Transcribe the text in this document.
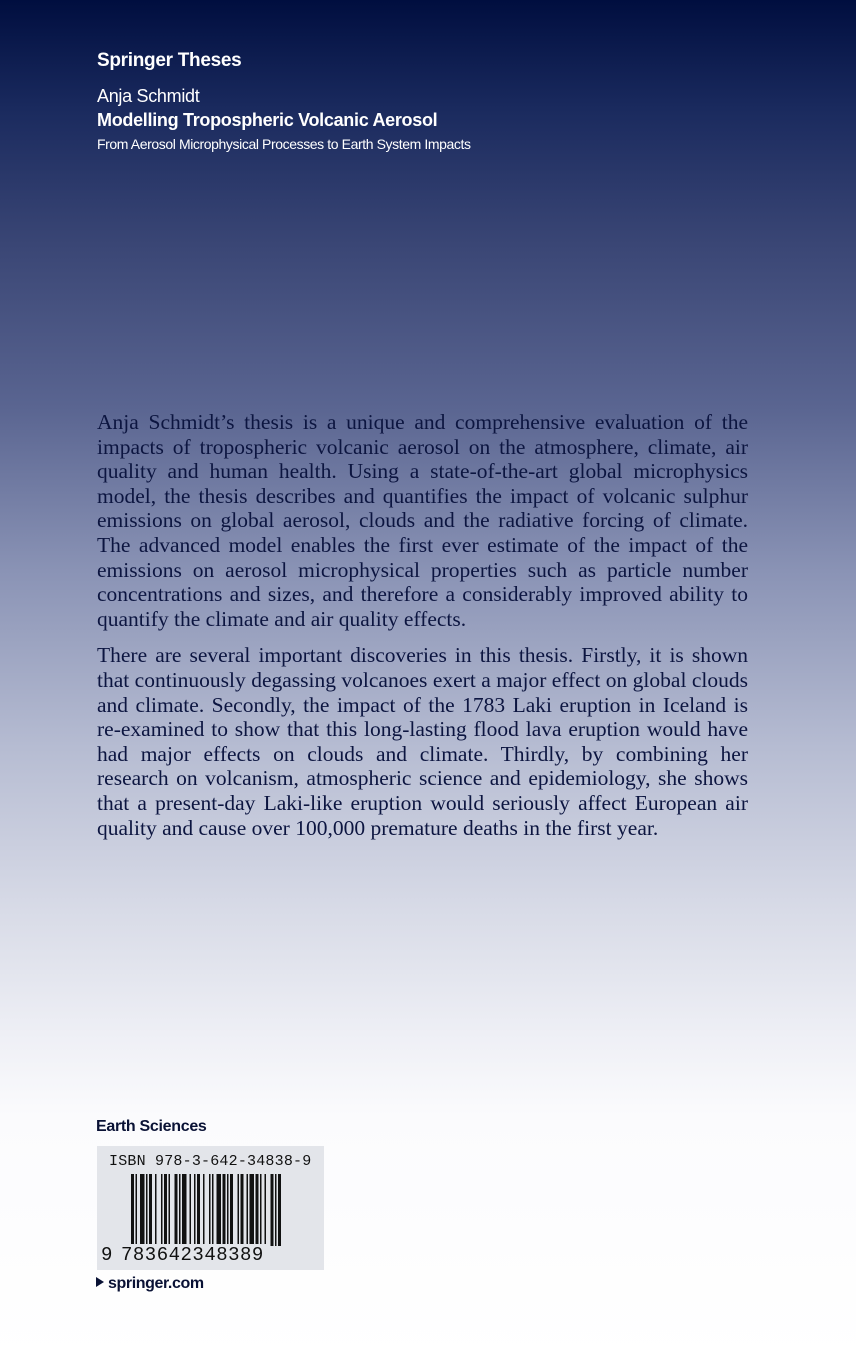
Springer Theses
Anja Schmidt
Modelling Tropospheric Volcanic Aerosol
From Aerosol Microphysical Processes to Earth System Impacts

Anja Schmidt’s thesis is a unique and comprehensive evaluation of the impacts of tropospheric volcanic aerosol on the atmosphere, climate, air quality and human health. Using a state-of-the-art global microphysics model, the thesis describes and quantifies the impact of volcanic sulphur emissions on global aerosol, clouds and the radiative forcing of climate. The advanced model enables the first ever estimate of the impact of the emissions on aerosol microphysical properties such as particle number concentrations and sizes, and therefore a considerably improved ability to quantify the climate and air quality effects.

There are several important discoveries in this thesis. Firstly, it is shown that continuously degassing volcanoes exert a major effect on global clouds and climate. Secondly, the impact of the 1783 Laki eruption in Iceland is re-examined to show that this long-lasting flood lava eruption would have had major effects on clouds and climate. Thirdly, by combining her research on volcanism, atmospheric science and epidemiology, she shows that a present-day Laki-like eruption would seriously affect European air quality and cause over 100,000 premature deaths in the first year.

Earth Sciences
ISBN 978-3-642-34838-9
9 783642348389
springer.com
